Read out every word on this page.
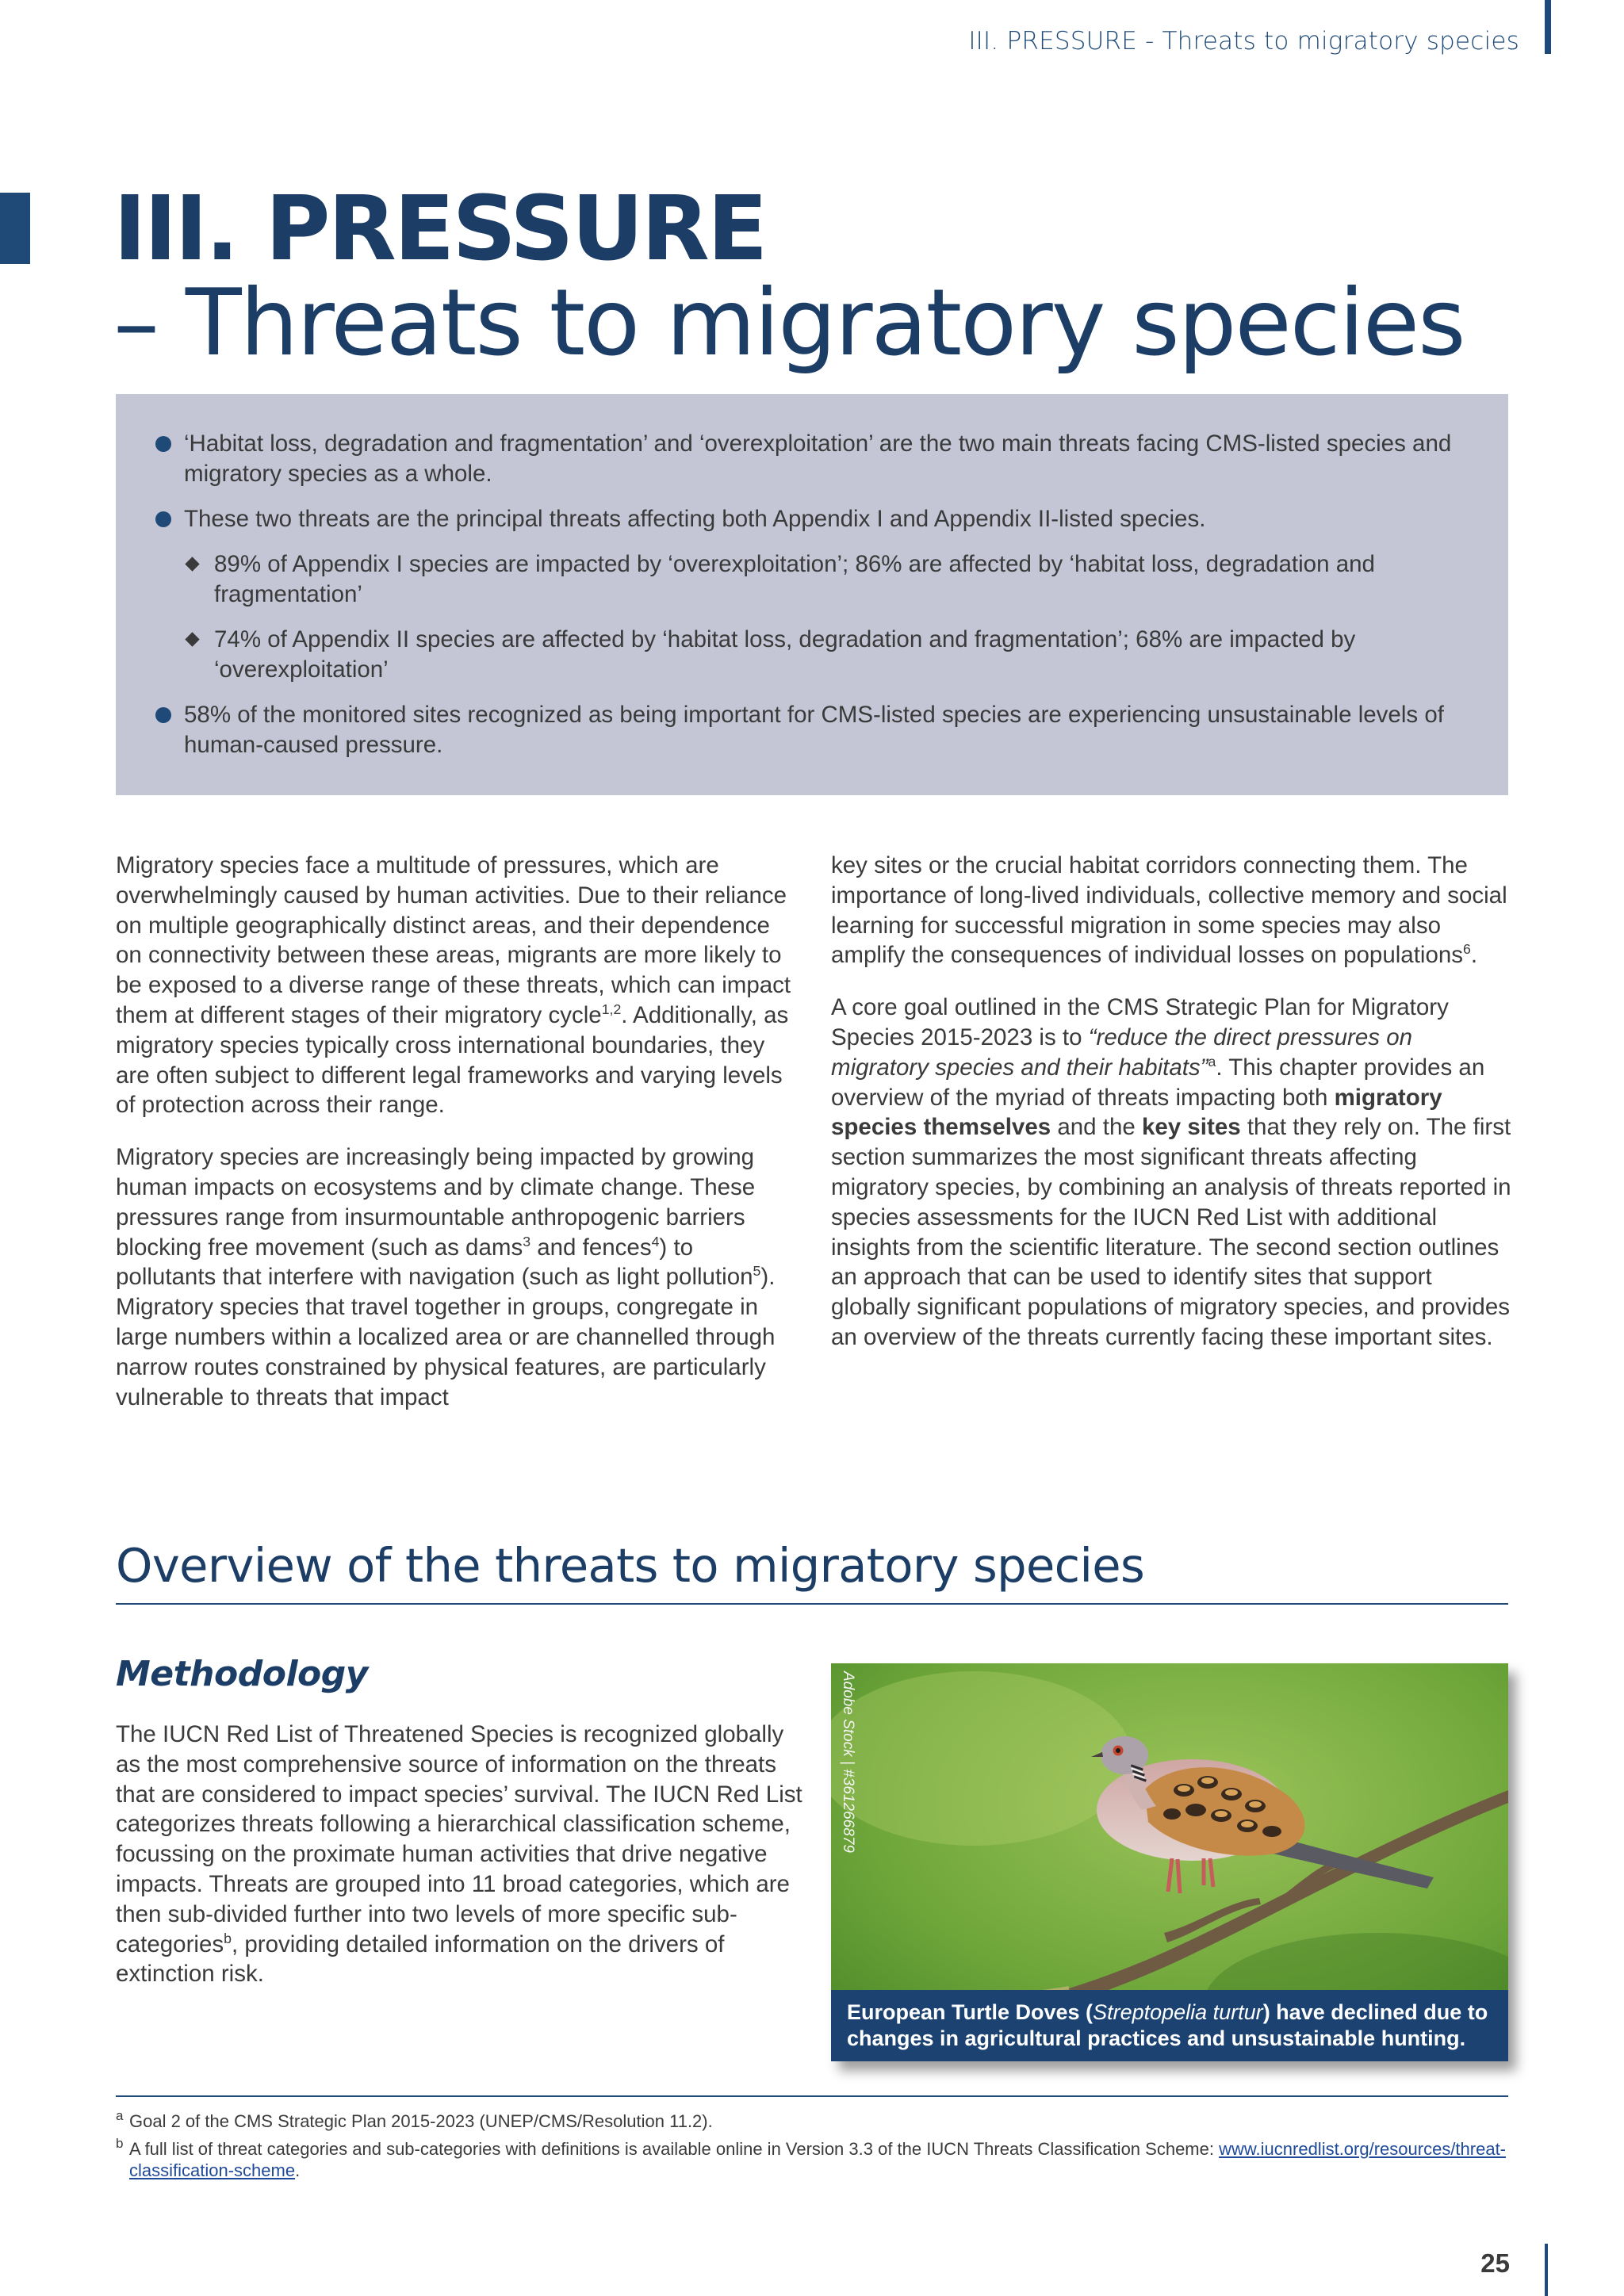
III. PRESSURE - Threats to migratory species
III. PRESSURE
– Threats to migratory species
‘Habitat loss, degradation and fragmentation’ and ‘overexploitation’ are the two main threats facing CMS-listed species and migratory species as a whole.
These two threats are the principal threats affecting both Appendix I and Appendix II-listed species.
89% of Appendix I species are impacted by ‘overexploitation’; 86% are affected by ‘habitat loss, degradation and fragmentation’
74% of Appendix II species are affected by ‘habitat loss, degradation and fragmentation’; 68% are impacted by ‘overexploitation’
58% of the monitored sites recognized as being important for CMS-listed species are experiencing unsustainable levels of human-caused pressure.

Migratory species face a multitude of pressures, which are overwhelmingly caused by human activities. Due to their reliance on multiple geographically distinct areas, and their dependence on connectivity between these areas, migrants are more likely to be exposed to a diverse range of these threats, which can impact them at different stages of their migratory cycle$^{1,2}$. Additionally, as migratory species typically cross international boundaries, they are often subject to different legal frameworks and varying levels of protection across their range.

Migratory species are increasingly being impacted by growing human impacts on ecosystems and by climate change. These pressures range from insurmountable anthropogenic barriers blocking free movement (such as dams$^3$ and fences$^4$) to pollutants that interfere with navigation (such as light pollution$^5$). Migratory species that travel together in groups, congregate in large numbers within a localized area or are channelled through narrow routes constrained by physical features, are particularly vulnerable to threats that impact

key sites or the crucial habitat corridors connecting them. The importance of long-lived individuals, collective memory and social learning for successful migration in some species may also amplify the consequences of individual losses on populations$^6$.

A core goal outlined in the CMS Strategic Plan for Migratory Species 2015-2023 is to “reduce the direct pressures on migratory species and their habitats”$^a$. This chapter provides an overview of the myriad of threats impacting both migratory species themselves and the key sites that they rely on. The first section summarizes the most significant threats affecting migratory species, by combining an analysis of threats reported in species assessments for the IUCN Red List with additional insights from the scientific literature. The second section outlines an approach that can be used to identify sites that support globally significant populations of migratory species, and provides an overview of the threats currently facing these important sites.

Overview of the threats to migratory species
Methodology

The IUCN Red List of Threatened Species is recognized globally as the most comprehensive source of information on the threats that are considered to impact species’ survival. The IUCN Red List categorizes threats following a hierarchical classification scheme, focussing on the proximate human activities that drive negative impacts. Threats are grouped into 11 broad categories, which are then sub-divided further into two levels of more specific sub-categories$^b$, providing detailed information on the drivers of extinction risk.

Adobe Stock | #361266879
European Turtle Doves (Streptopelia turtur) have declined due to changes in agricultural practices and unsustainable hunting.
a Goal 2 of the CMS Strategic Plan 2015-2023 (UNEP/CMS/Resolution 11.2).
b A full list of threat categories and sub-categories with definitions is available online in Version 3.3 of the IUCN Threats Classification Scheme: www.iucnredlist.org/resources/threat-classification-scheme.
25
